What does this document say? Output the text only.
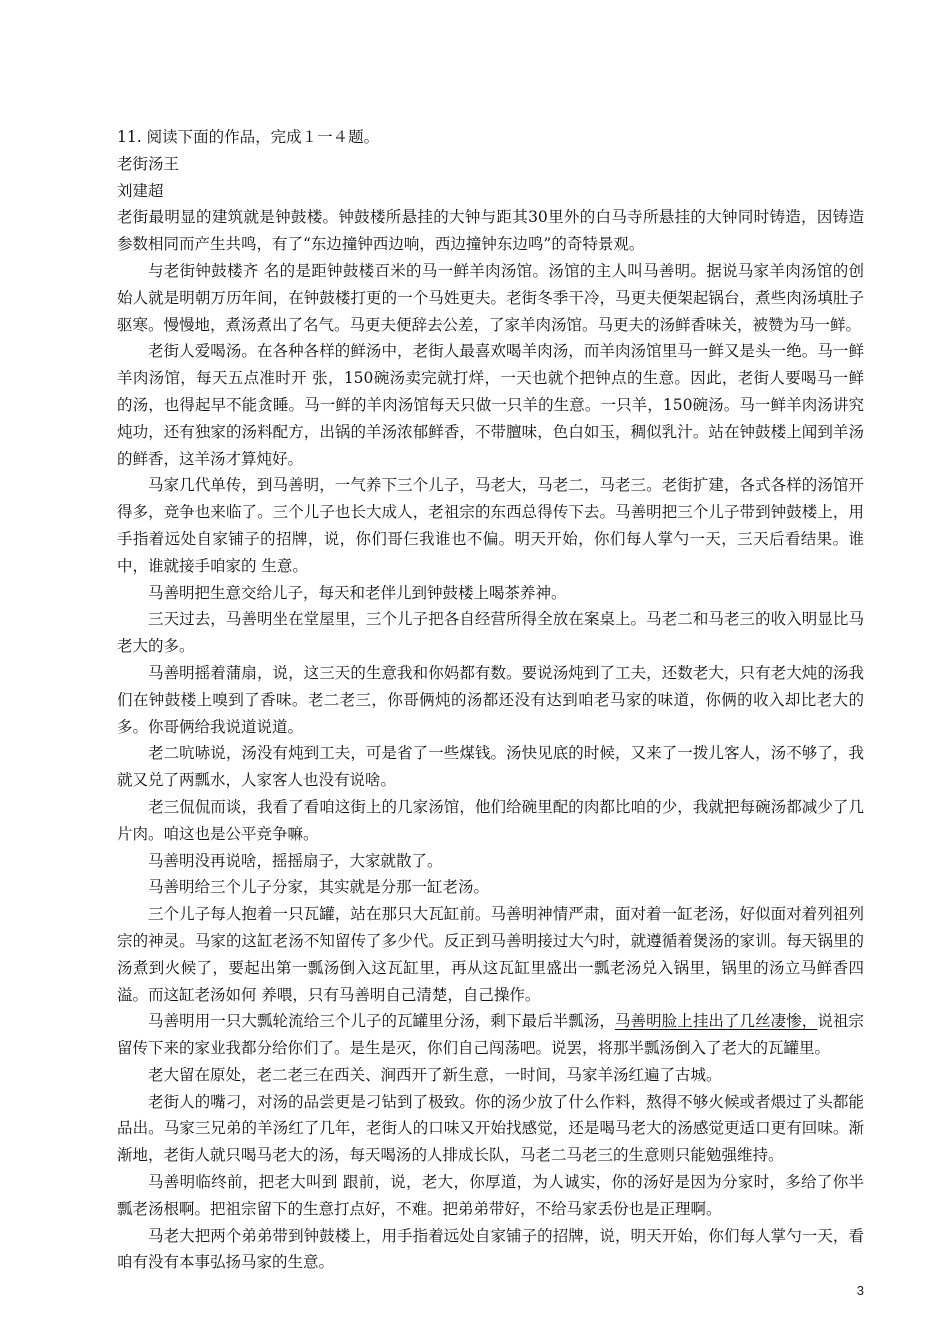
11. 阅读下面的作品，完成１一４题。

老街汤王

刘建超

老街最明显的建筑就是钟鼓楼。钟鼓楼所悬挂的大钟与距其30里外的白马寺所悬挂的大钟同时铸造，因铸造参数相同而产生共鸣，有了“东边撞钟西边响，西边撞钟东边鸣”的奇特景观。

与老街钟鼓楼齐 名的是距钟鼓楼百米的马一鲜羊肉汤馆。汤馆的主人叫马善明。据说马家羊肉汤馆的创始人就是明朝万历年间，在钟鼓楼打更的一个马姓更夫。老街冬季干冷，马更夫便架起锅台，煮些肉汤填肚子驱寒。慢慢地，煮汤煮出了名气。马更夫便辞去公差，了家羊肉汤馆。马更夫的汤鲜香味关，被赞为马一鲜。

老街人爱喝汤。在各种各样的鲜汤中，老街人最喜欢喝羊肉汤，而羊肉汤馆里马一鲜又是头一绝。马一鲜羊肉汤馆，每天五点准时开 张，150碗汤卖完就打烊，一天也就个把钟点的生意。因此，老街人要喝马一鲜的汤，也得起早不能贪睡。马一鲜的羊肉汤馆每天只做一只羊的生意。一只羊，150碗汤。马一鲜羊肉汤讲究炖功，还有独家的汤料配方，出锅的羊汤浓郁鲜香，不带膻味，色白如玉，稠似乳汁。站在钟鼓楼上闻到羊汤的鲜香，这羊汤才算炖好。

马家几代单传，到马善明，一气养下三个儿子，马老大，马老二，马老三。老街扩建，各式各样的汤馆开得多，竞争也来临了。三个儿子也长大成人，老祖宗的东西总得传下去。马善明把三个儿子带到钟鼓楼上，用手指着远处自家铺子的招牌，说，你们哥仨我谁也不偏。明天开始，你们每人掌勺一天，三天后看结果。谁中，谁就接手咱家的 生意。

马善明把生意交给儿子，每天和老伴儿到钟鼓楼上喝茶养神。

三天过去，马善明坐在堂屋里，三个儿子把各自经营所得全放在案桌上。马老二和马老三的收入明显比马老大的多。

马善明摇着蒲扇，说，这三天的生意我和你妈都有数。要说汤炖到了工夫，还数老大，只有老大炖的汤我们在钟鼓楼上嗅到了香味。老二老三，你哥俩炖的汤都还没有达到咱老马家的味道，你俩的收入却比老大的多。你哥俩给我说道说道。

老二吭哧说，汤没有炖到工夫，可是省了一些煤钱。汤快见底的时候，又来了一拨儿客人，汤不够了，我就又兑了两瓢水，人家客人也没有说啥。

老三侃侃而谈，我看了看咱这街上的几家汤馆，他们给碗里配的肉都比咱的少，我就把每碗汤都减少了几片肉。咱这也是公平竞争嘛。

马善明没再说啥，摇摇扇子，大家就散了。

马善明给三个儿子分家，其实就是分那一缸老汤。

三个儿子每人抱着一只瓦罐，站在那只大瓦缸前。马善明神情严肃，面对着一缸老汤，好似面对着列祖列宗的神灵。马家的这缸老汤不知留传了多少代。反正到马善明接过大勺时，就遵循着煲汤的家训。每天锅里的汤煮到火候了，要起出第一瓢汤倒入这瓦缸里，再从这瓦缸里盛出一瓢老汤兑入锅里，锅里的汤立马鲜香四溢。而这缸老汤如何 养喂，只有马善明自己清楚，自己操作。

马善明用一只大瓢轮流给三个儿子的瓦罐里分汤，剩下最后半瓢汤，马善明脸上挂出了几丝凄惨，说祖宗留传下来的家业我都分给你们了。是生是灭，你们自己闯荡吧。说罢，将那半瓢汤倒入了老大的瓦罐里。

老大留在原处，老二老三在西关、涧西开了新生意，一时间，马家羊汤红遍了古城。

老街人的嘴刁，对汤的品尝更是刁钻到了极致。你的汤少放了什么作料，熬得不够火候或者煨过了头都能品出。马家三兄弟的羊汤红了几年，老街人的口味又开始找感觉，还是喝马老大的汤感觉更适口更有回味。渐渐地，老街人就只喝马老大的汤，每天喝汤的人排成长队，马老二马老三的生意则只能勉强维持。

马善明临终前，把老大叫到 跟前，说，老大，你厚道，为人诚实，你的汤好是因为分家时，多给了你半瓢老汤根啊。把祖宗留下的生意打点好，不难。把弟弟带好，不给马家丢份也是正理啊。

马老大把两个弟弟带到钟鼓楼上，用手指着远处自家铺子的招牌，说，明天开始，你们每人掌勺一天，看咱有没有本事弘扬马家的生意。

3
